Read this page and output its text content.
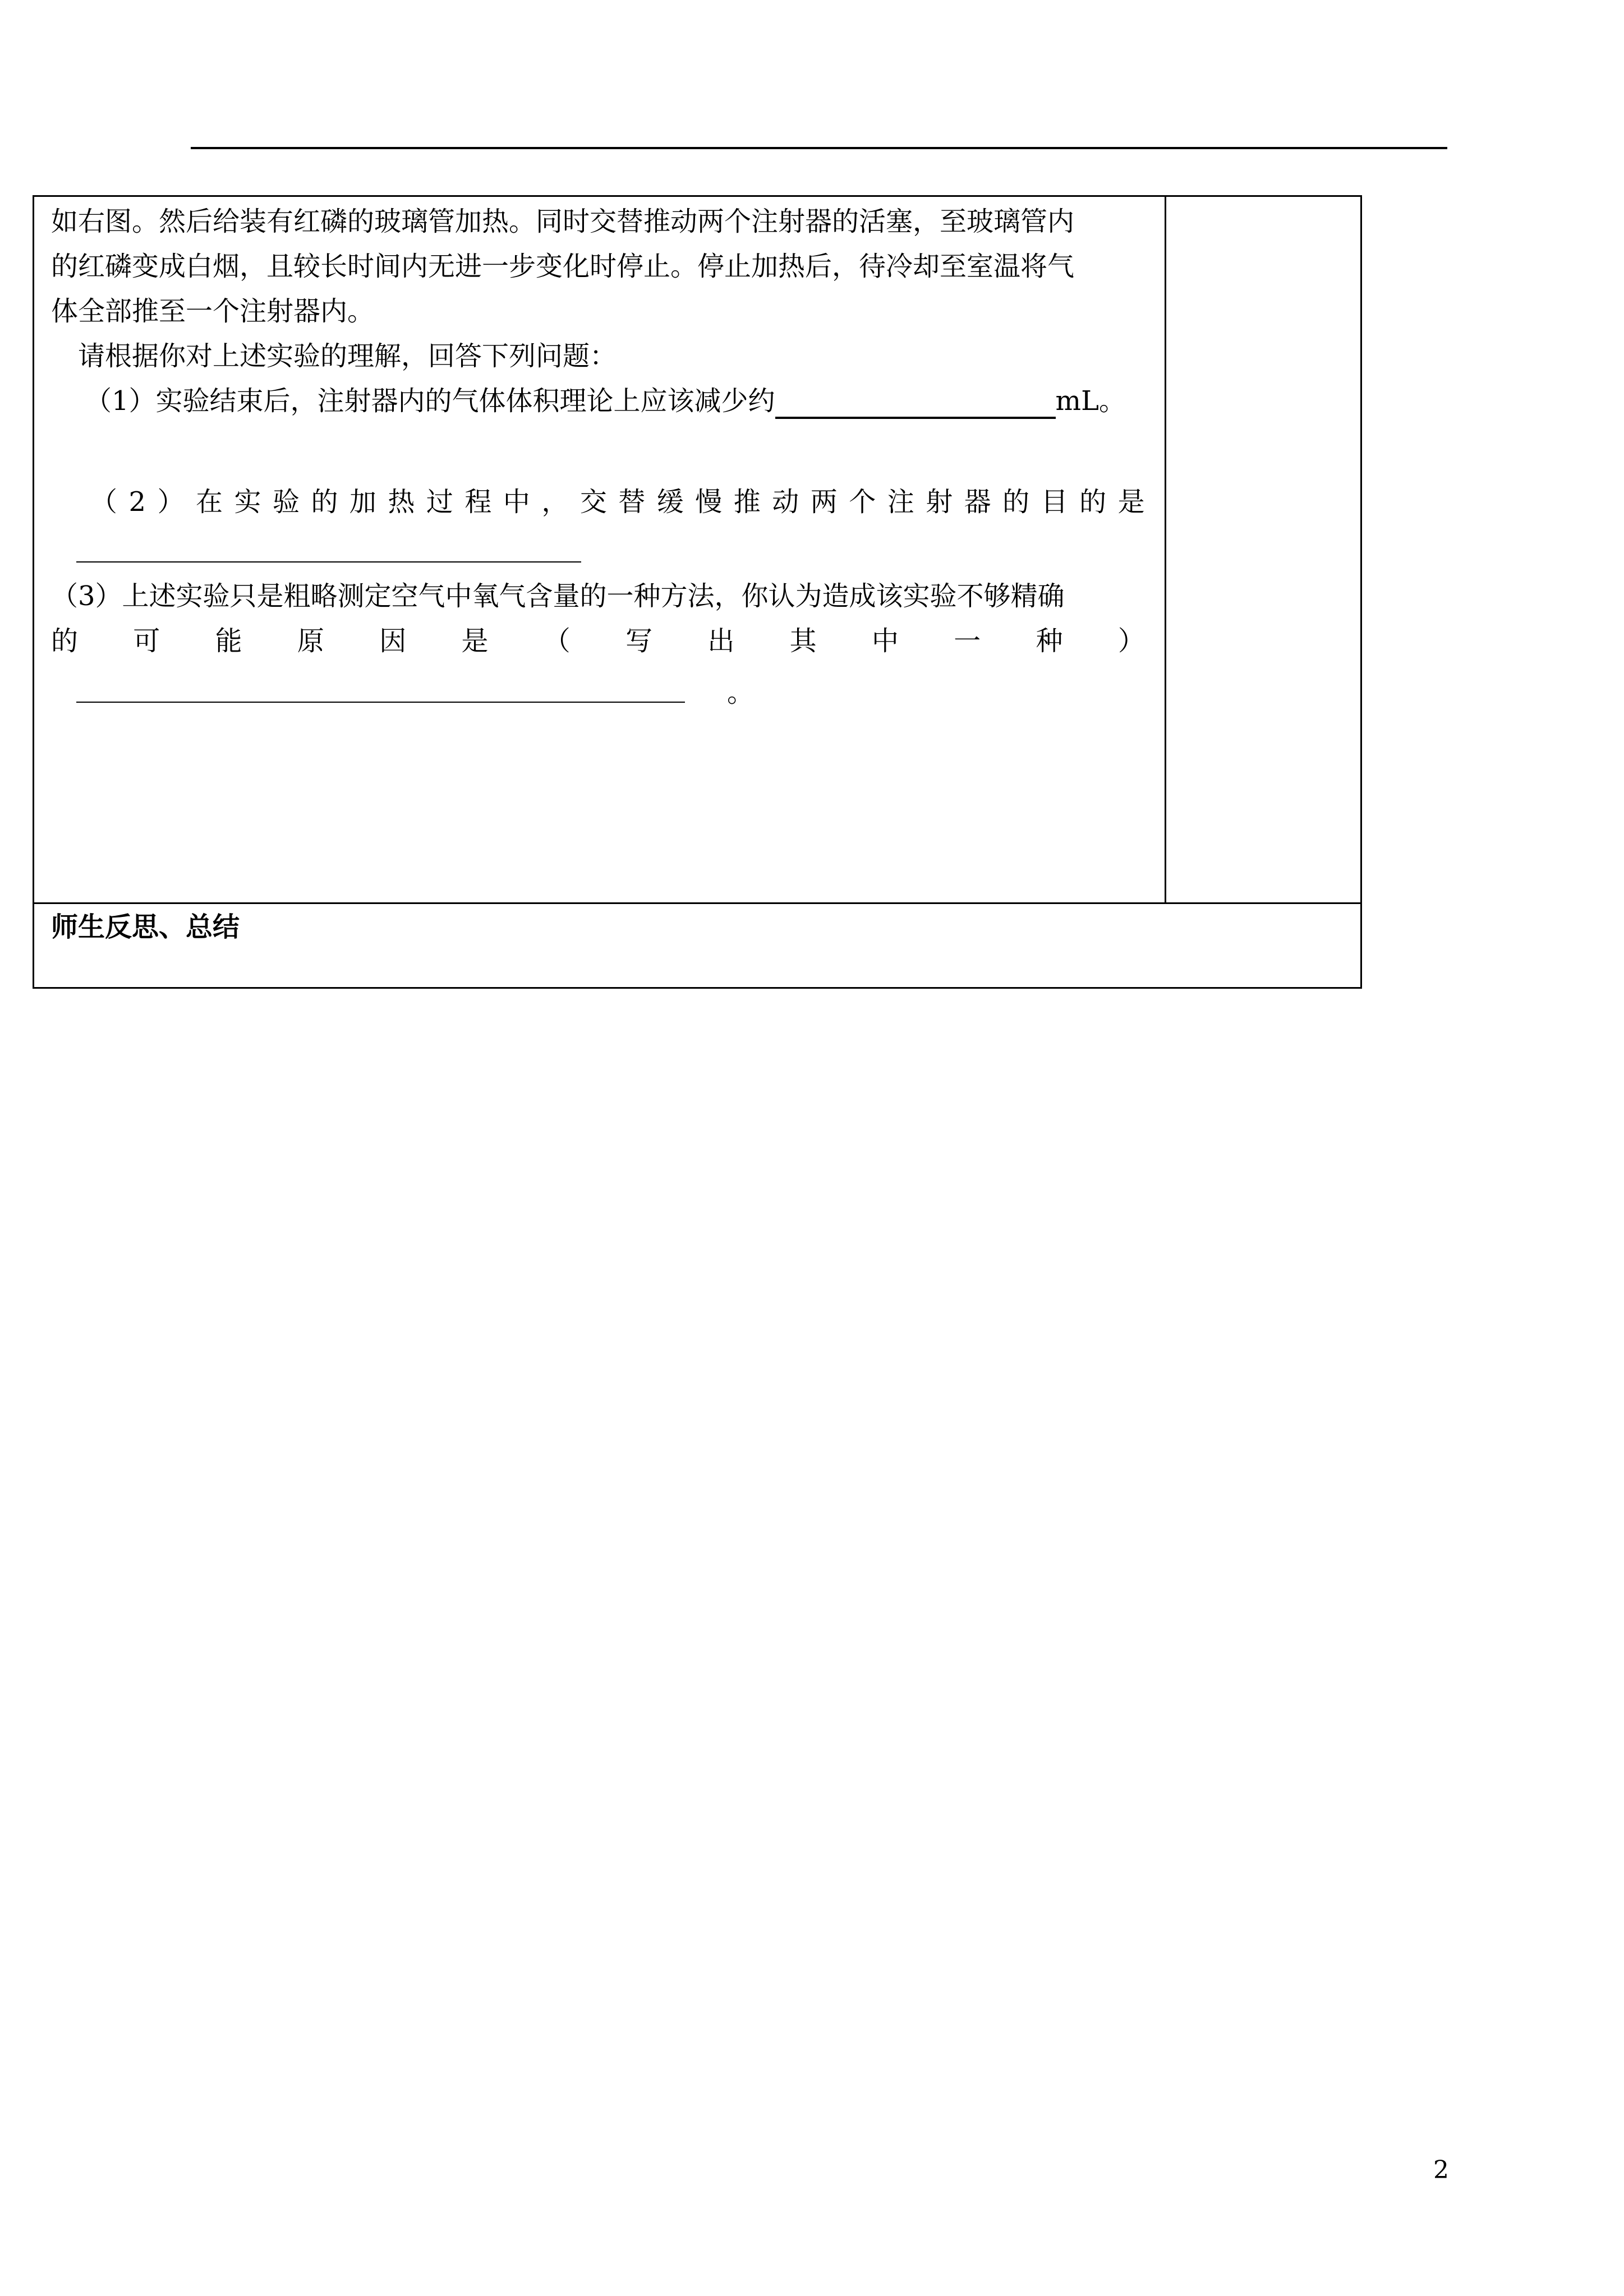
如右图。然后给装有红磷的玻璃管加热。同时交替推动两个注射器的活塞，至玻璃管内
的红磷变成白烟，且较长时间内无进一步变化时停止。停止加热后，待冷却至室温将气
体全部推至一个注射器内。
请根据你对上述实验的理解，回答下列问题：
（1）实验结束后，注射器内的气体体积理论上应该减少约	mL。
（ 2 ） 在 实 验 的 加 热 过 程 中 ， 交 替 缓 慢 推 动 两 个 注 射 器 的 目 的 是
（3）上述实验只是粗略测定空气中氧气含量的一种方法，你认为造成该实验不够精确
的 可 能 原 因 是 （ 写 出 其 中 一 种 ）
。
师生反思、总结
2
